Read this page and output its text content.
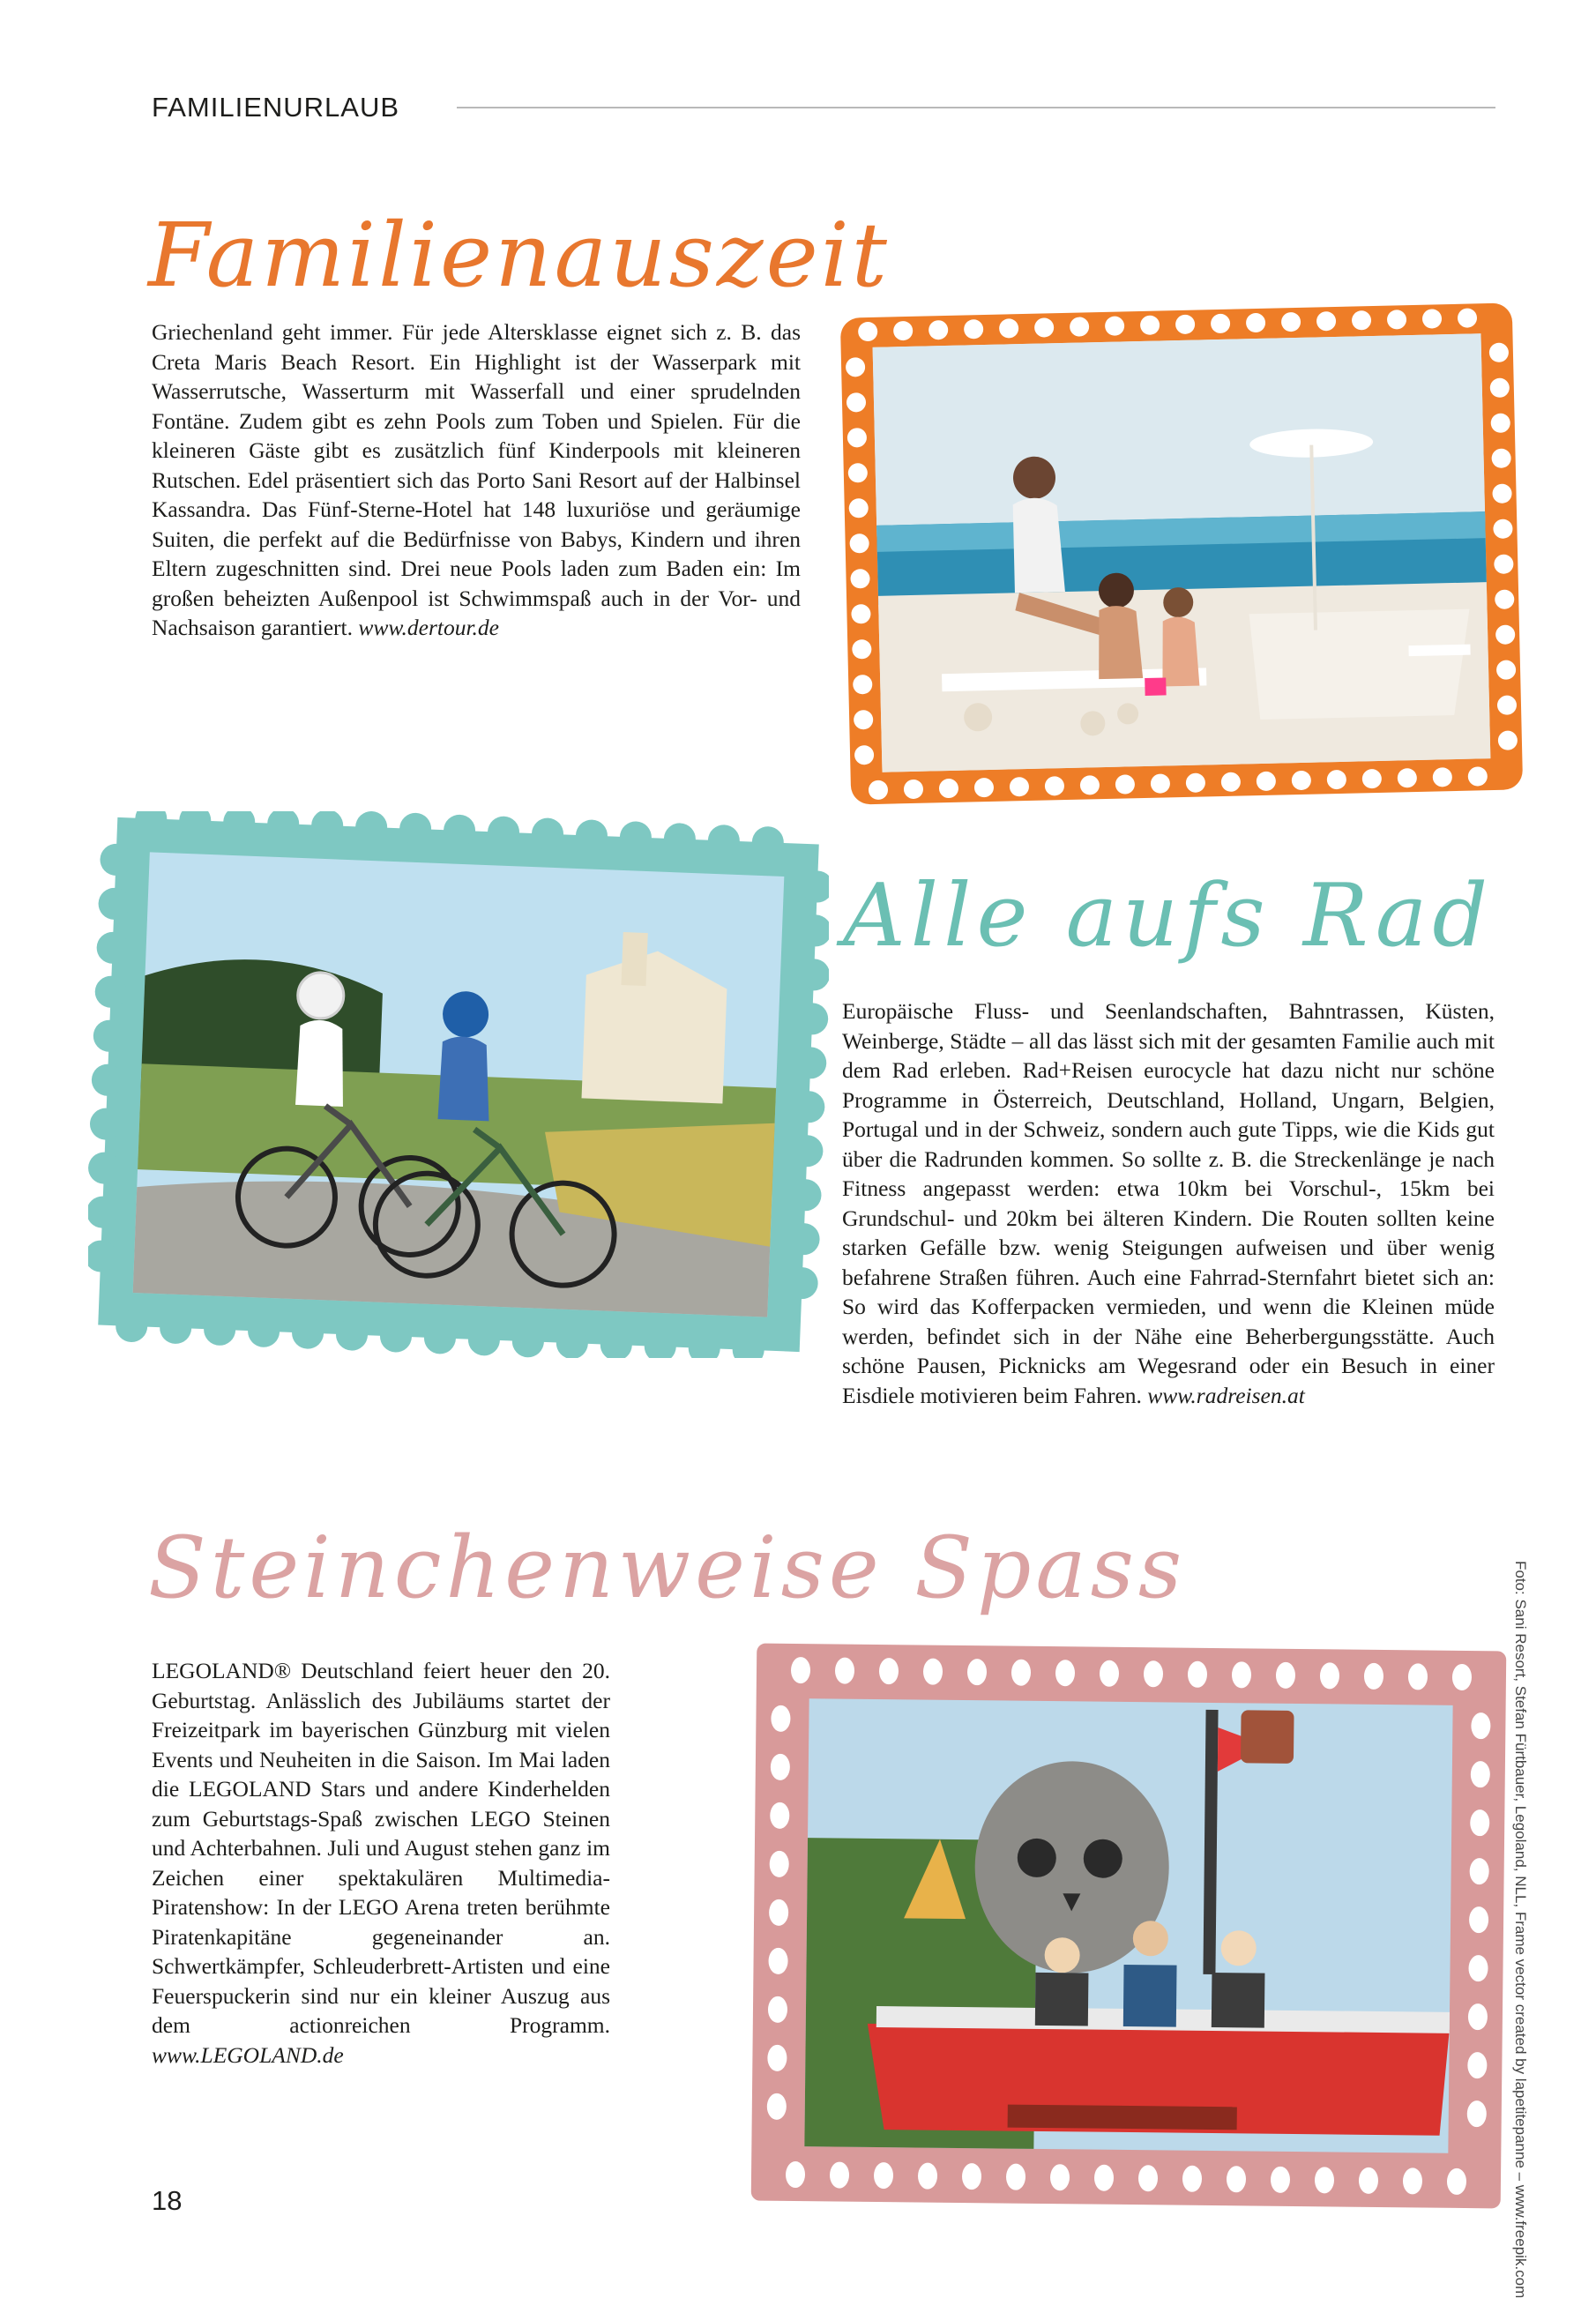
FAMILIENURLAUB
Familienauszeit
Griechenland geht immer. Für jede Altersklasse eignet sich z. B. das Creta Maris Beach Resort. Ein Highlight ist der Wasserpark mit Wasserrutsche, Wasserturm mit Wasserfall und einer sprudelnden Fontäne. Zudem gibt es zehn Pools zum Toben und Spielen. Für die kleineren Gäste gibt es zusätzlich fünf Kinderpools mit kleineren Rutschen. Edel präsentiert sich das Porto Sani Resort auf der Halbinsel Kassandra. Das Fünf-Sterne-Hotel hat 148 luxuriöse und geräumige Suiten, die perfekt auf die Bedürfnisse von Babys, Kindern und ihren Eltern zugeschnitten sind. Drei neue Pools laden zum Baden ein: Im großen beheizten Außenpool ist Schwimmspaß auch in der Vor- und Nachsaison garantiert. www.dertour.de
Alle aufs Rad
Europäische Fluss- und Seenlandschaften, Bahntrassen, Küsten, Weinberge, Städte – all das lässt sich mit der gesamten Familie auch mit dem Rad erleben. Rad+Reisen eurocycle hat dazu nicht nur schöne Programme in Österreich, Deutschland, Holland, Ungarn, Belgien, Portugal und in der Schweiz, sondern auch gute Tipps, wie die Kids gut über die Radrunden kommen. So sollte z. B. die Streckenlänge je nach Fitness angepasst werden: etwa 10km bei Vorschul-, 15km bei Grundschul- und 20km bei älteren Kindern. Die Routen sollten keine starken Gefälle bzw. wenig Steigungen aufweisen und über wenig befahrene Straßen führen. Auch eine Fahrrad-Sternfahrt bietet sich an: So wird das Kofferpacken vermieden, und wenn die Kleinen müde werden, befindet sich in der Nähe eine Beherbergungsstätte. Auch schöne Pausen, Picknicks am Wegesrand oder ein Besuch in einer Eisdiele motivieren beim Fahren. www.radreisen.at
Steinchenweise Spass
LEGOLAND® Deutschland feiert heuer den 20. Geburtstag. Anlässlich des Jubiläums startet der Freizeitpark im bayerischen Günzburg mit vielen Events und Neuheiten in die Saison. Im Mai laden die LEGOLAND Stars und andere Kinderhelden zum Geburtstags-Spaß zwischen LEGO Steinen und Achterbahnen. Juli und August stehen ganz im Zeichen einer spektakulären Multimedia-Piratenshow: In der LEGO Arena treten berühmte Piratenkapitäne gegeneinander an. Schwertkämpfer, Schleuderbrett-Artisten und eine Feuerspuckerin sind nur ein kleiner Auszug aus dem actionreichen Programm. www.LEGOLAND.de	Foto: Sani Resort, Stefan Fürtbauer, Legoland, NLL, Frame vector created by lapetitepanne – www.freepik.com
18
